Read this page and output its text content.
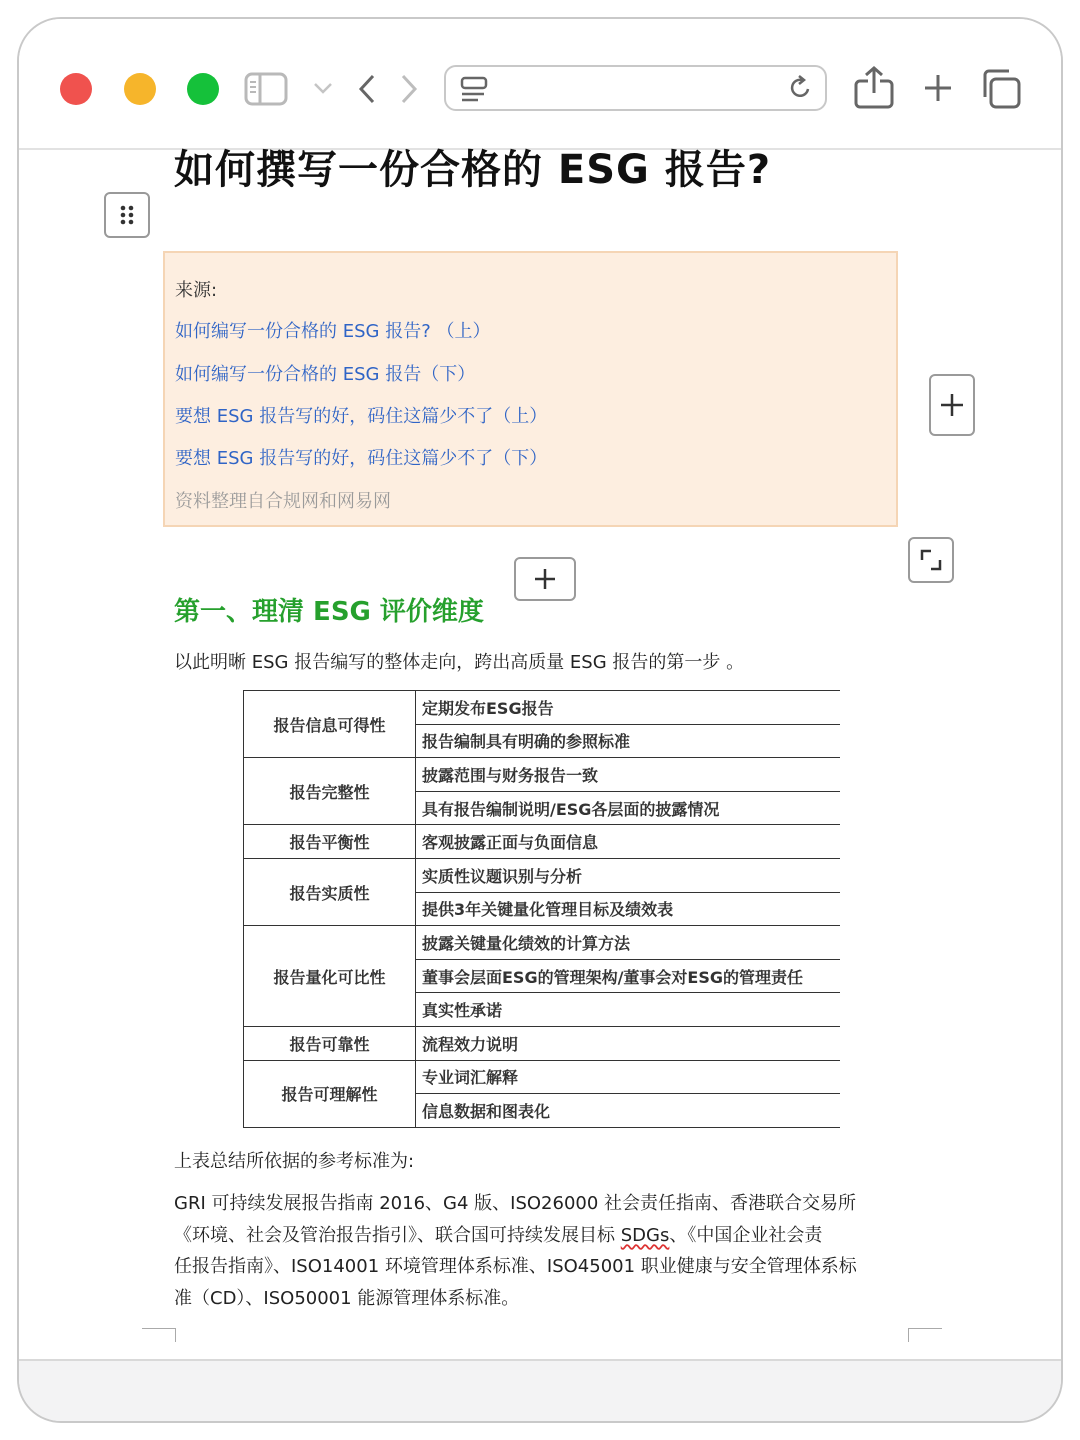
如何撰写一份合格的 ESG 报告?
来源:
如何编写一份合格的 ESG 报告? （上）
如何编写一份合格的 ESG 报告（下）
要想 ESG 报告写的好，码住这篇少不了（上）
要想 ESG 报告写的好，码住这篇少不了（下）
资料整理自合规网和网易网
第一、理清 ESG 评价维度
以此明晰 ESG 报告编写的整体走向，跨出高质量 ESG 报告的第一步 。
报告信息可得性	定期发布ESG报告
	报告编制具有明确的参照标准
报告完整性	披露范围与财务报告一致
	具有报告编制说明/ESG各层面的披露情况
报告平衡性	客观披露正面与负面信息
报告实质性	实质性议题识别与分析
	提供3年关键量化管理目标及绩效表
报告量化可比性	披露关键量化绩效的计算方法
	董事会层面ESG的管理架构/董事会对ESG的管理责任
	真实性承诺
报告可靠性	流程效力说明
报告可理解性	专业词汇解释
	信息数据和图表化
上表总结所依据的参考标准为:
GRI 可持续发展报告指南 2016、G4 版、ISO26000 社会责任指南、香港联合交易所
《环境、社会及管治报告指引》、联合国可持续发展目标 SDGs、《中国企业社会责
任报告指南》、ISO14001 环境管理体系标准、ISO45001 职业健康与安全管理体系标
准（CD）、ISO50001 能源管理体系标准。
